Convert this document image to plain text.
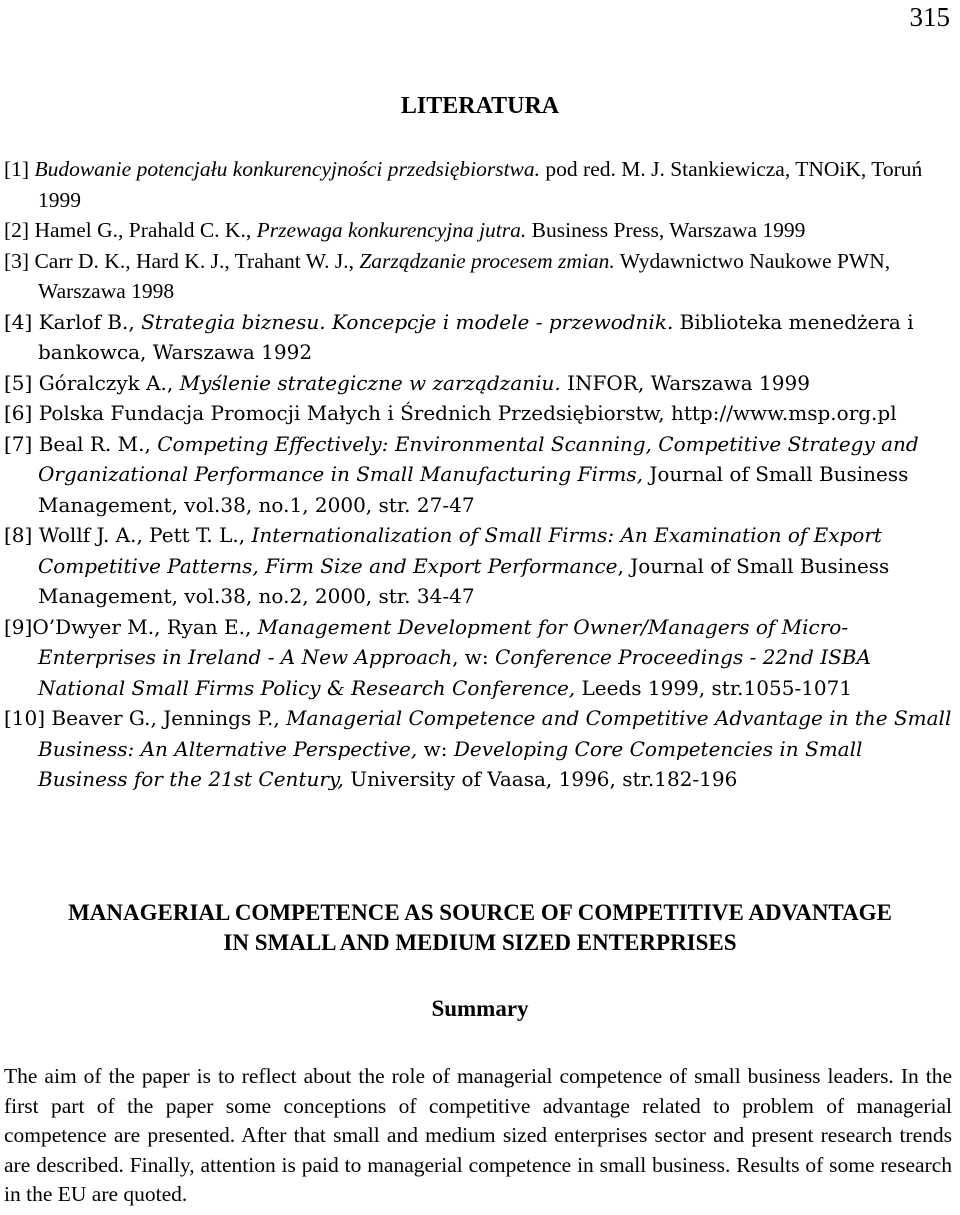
315
LITERATURA

[1] Budowanie potencjału konkurencyjności przedsiębiorstwa. pod red. M. J. Stankiewicza, TNOiK, Toruń 1999

[2] Hamel G., Prahald C. K., Przewaga konkurencyjna jutra. Business Press, Warszawa 1999

[3] Carr D. K., Hard K. J., Trahant W. J., Zarządzanie procesem zmian. Wydawnictwo Naukowe PWN, Warszawa 1998

[4] Karlof B., Strategia biznesu. Koncepcje i modele - przewodnik. Biblioteka menedżera i bankowca, Warszawa 1992

[5] Góralczyk A., Myślenie strategiczne w zarządzaniu. INFOR, Warszawa 1999

[6] Polska Fundacja Promocji Małych i Średnich Przedsiębiorstw, http://www.msp.org.pl

[7] Beal R. M., Competing Effectively: Environmental Scanning, Competitive Strategy and Organizational Performance in Small Manufacturing Firms, Journal of Small Business Management, vol.38, no.1, 2000, str. 27-47

[8] Wollf J. A., Pett T. L., Internationalization of Small Firms: An Examination of Export Competitive Patterns, Firm Size and Export Performance, Journal of Small Business Management, vol.38, no.2, 2000, str. 34-47

[9]O’Dwyer M., Ryan E., Management Development for Owner/Managers of Micro-Enterprises in Ireland - A New Approach, w: Conference Proceedings - 22nd ISBA National Small Firms Policy & Research Conference, Leeds 1999, str.1055-1071

[10] Beaver G., Jennings P., Managerial Competence and Competitive Advantage in the Small Business: An Alternative Perspective, w: Developing Core Competencies in Small Business for the 21st Century, University of Vaasa, 1996, str.182-196

MANAGERIAL COMPETENCE AS SOURCE OF COMPETITIVE ADVANTAGE
IN SMALL AND MEDIUM SIZED ENTERPRISES
Summary

The aim of the paper is to reflect about the role of managerial competence of small business leaders. In the first part of the paper some conceptions of competitive advantage related to problem of managerial competence are presented. After that small and medium sized enterprises sector and present research trends are described. Finally, attention is paid to managerial competence in small business. Results of some research in the EU are quoted.
